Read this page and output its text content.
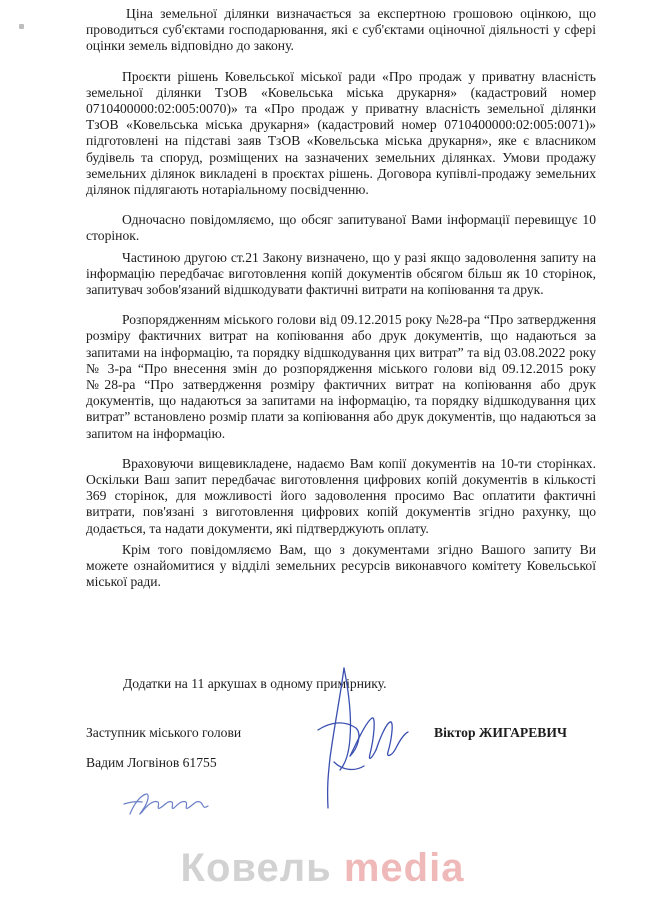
Ціна земельної ділянки визначається за експертною грошовою оцінкою, що проводиться суб'єктами господарювання, які є суб'єктами оціночної діяльності у сфері оцінки земель відповідно до закону.

Проєкти рішень Ковельської міської ради «Про продаж у приватну власність земельної ділянки ТзОВ «Ковельська міська друкарня» (кадастровий номер 0710400000:02:005:0070)» та «Про продаж у приватну власність земельної ділянки ТзОВ «Ковельська міська друкарня» (кадастровий номер 0710400000:02:005:0071)» підготовлені на підставі заяв ТзОВ «Ковельська міська друкарня», яке є власником будівель та споруд, розміщених на зазначених земельних ділянках. Умови продажу земельних ділянок викладені в проєктах рішень. Договора купівлі-продажу земельних ділянок підлягають нотаріальному посвідченню.

Одночасно повідомляємо, що обсяг запитуваної Вами інформації перевищує 10 сторінок.

Частиною другою ст.21 Закону визначено, що у разі якщо задоволення запиту на інформацію передбачає виготовлення копій документів обсягом більш як 10 сторінок, запитувач зобов'язаний відшкодувати фактичні витрати на копіювання та друк.

Розпорядженням міського голови від 09.12.2015 року №28-ра “Про затвердження розміру фактичних витрат на копіювання або друк документів, що надаються за запитами на інформацію, та порядку відшкодування цих витрат” та від 03.08.2022 року № 3-ра “Про внесення змін до розпорядження міського голови від 09.12.2015 року №28-ра “Про затвердження розміру фактичних витрат на копіювання або друк документів, що надаються за запитами на інформацію, та порядку відшкодування цих витрат” встановлено розмір плати за копіювання або друк документів, що надаються за запитом на інформацію.

Враховуючи вищевикладене, надаємо Вам копії документів на 10-ти сторінках. Оскільки Ваш запит передбачає виготовлення цифрових копій документів в кількості 369 сторінок, для можливості його задоволення просимо Вас оплатити фактичні витрати, пов'язані з виготовлення цифрових копій документів згідно рахунку, що додається, та надати документи, які підтверджують оплату.

Крім того повідомляємо Вам, що з документами згідно Вашого запиту Ви можете ознайомитися у відділі земельних ресурсів виконавчого комітету Ковельської міської ради.

Додатки на 11 аркушах в одному примірнику.
Заступник міського голови	Віктор ЖИГАРЕВИЧ
Вадим Логвінов 61755
Ковель media
